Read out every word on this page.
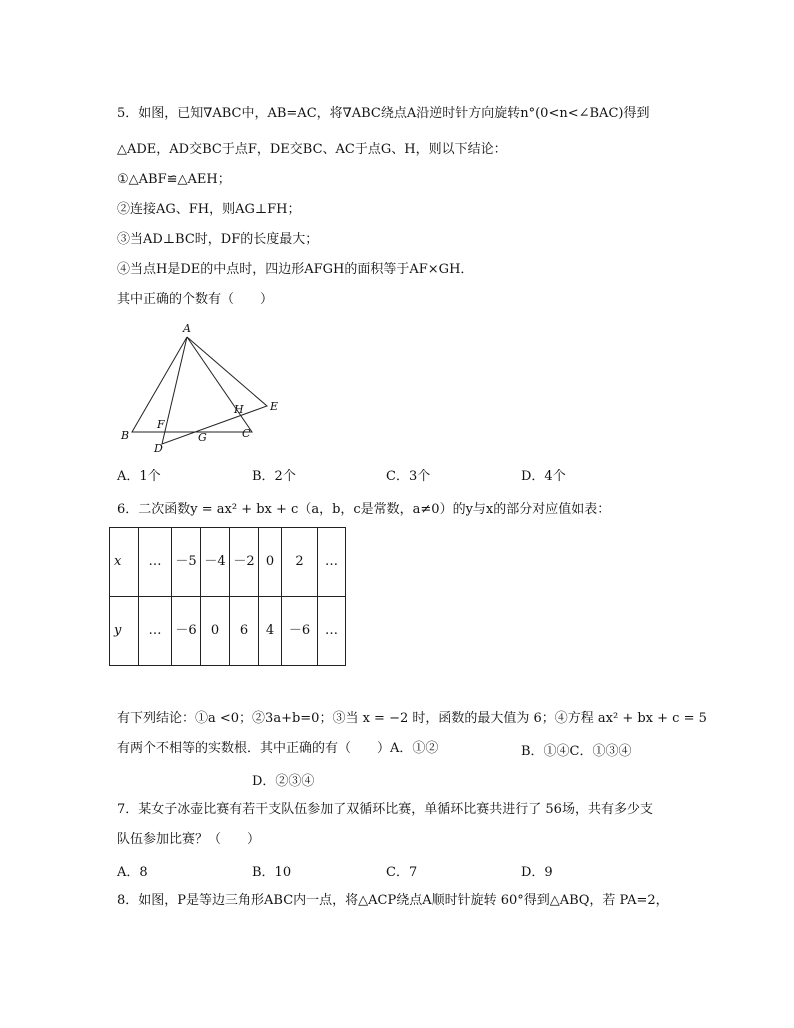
5．如图，已知∇ABC中，AB=AC，将∇ABC绕点A沿逆时针方向旋转n°(0<n<∠BAC)得到
△ADE，AD交BC于点F，DE交BC、AC于点G、H，则以下结论：
①△ABF≌△AEH；
②连接AG、FH，则AG⊥FH；
③当AD⊥BC时，DF的长度最大；
④当点H是DE的中点时，四边形AFGH的面积等于AF×GH．
其中正确的个数有（　　）
A
B	C
D
E
F
G
H
A．1个	B．2个	C．3个	D．4个
6．二次函数y = ax² + bx + c（a，b，c是常数，a≠0）的y与x的部分对应值如表：
x	…	－5	－4	－2	0	2	…
y	…	－6	0	6	4	－6	…
有下列结论：①a <0；②3a+b=0；③当 x = −2 时，函数的最大值为 6；④方程 ax² + bx + c = 5
有两个不相等的实数根．其中正确的有（　　）A．①②	B．①④C．①③④
D．②③④
7．某女子冰壶比赛有若干支队伍参加了双循环比赛，单循环比赛共进行了 56场，共有多少支
队伍参加比赛？（　　）
A．8	B．10	C．7	D．9
8．如图，P是等边三角形ABC内一点，将△ACP绕点A顺时针旋转 60°得到△ABQ，若 PA=2，
